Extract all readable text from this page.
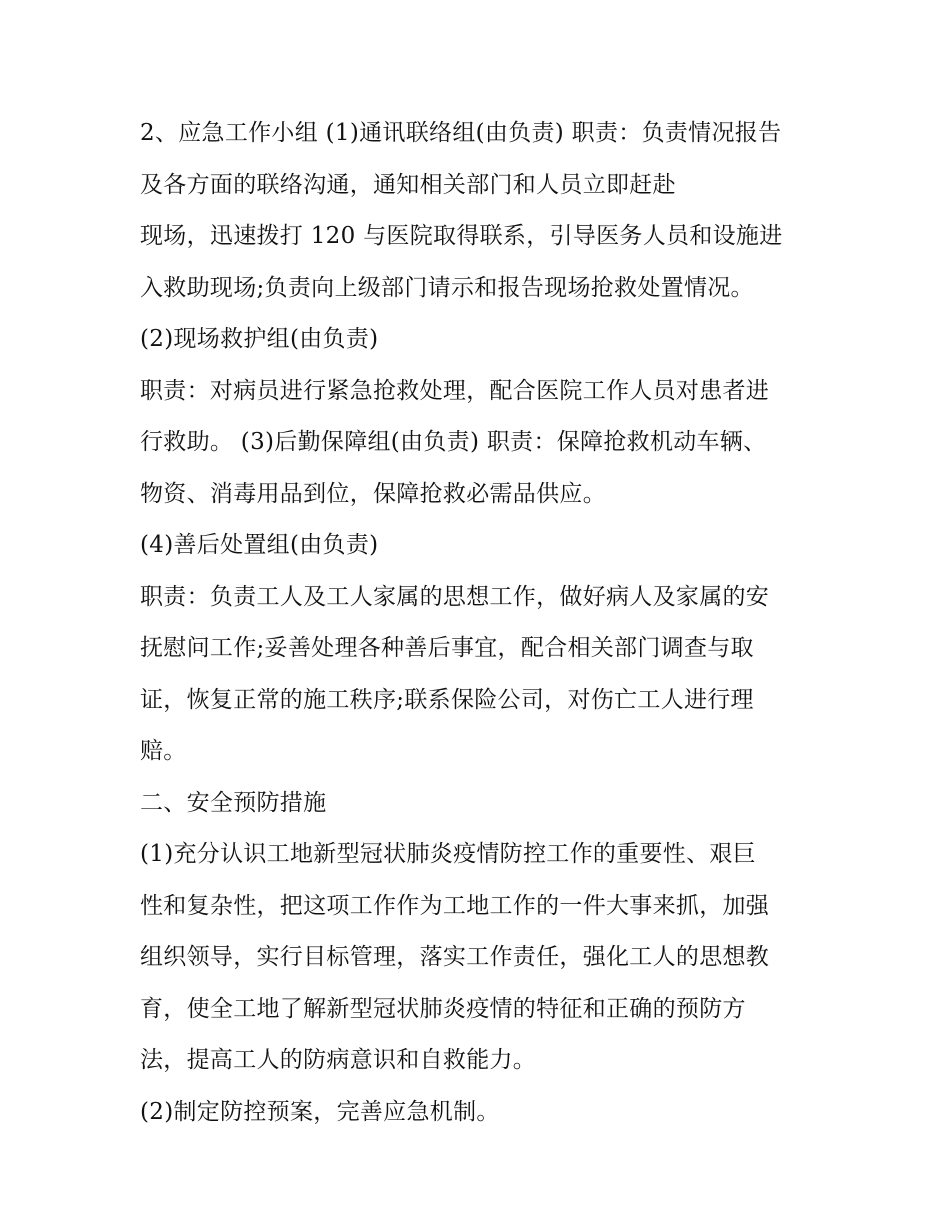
2、应急工作小组 (1)通讯联络组(由负责) 职责：负责情况报告
及各方面的联络沟通，通知相关部门和人员立即赶赴
现场，迅速拨打 120 与医院取得联系，引导医务人员和设施进
入救助现场;负责向上级部门请示和报告现场抢救处置情况。
(2)现场救护组(由负责)
职责：对病员进行紧急抢救处理，配合医院工作人员对患者进
行救助。 (3)后勤保障组(由负责) 职责：保障抢救机动车辆、
物资、消毒用品到位，保障抢救必需品供应。
(4)善后处置组(由负责)
职责：负责工人及工人家属的思想工作，做好病人及家属的安
抚慰问工作;妥善处理各种善后事宜，配合相关部门调查与取
证，恢复正常的施工秩序;联系保险公司，对伤亡工人进行理
赔。
二、安全预防措施
(1)充分认识工地新型冠状肺炎疫情防控工作的重要性、艰巨
性和复杂性，把这项工作作为工地工作的一件大事来抓，加强
组织领导，实行目标管理，落实工作责任，强化工人的思想教
育，使全工地了解新型冠状肺炎疫情的特征和正确的预防方
法，提高工人的防病意识和自救能力。
(2)制定防控预案，完善应急机制。
